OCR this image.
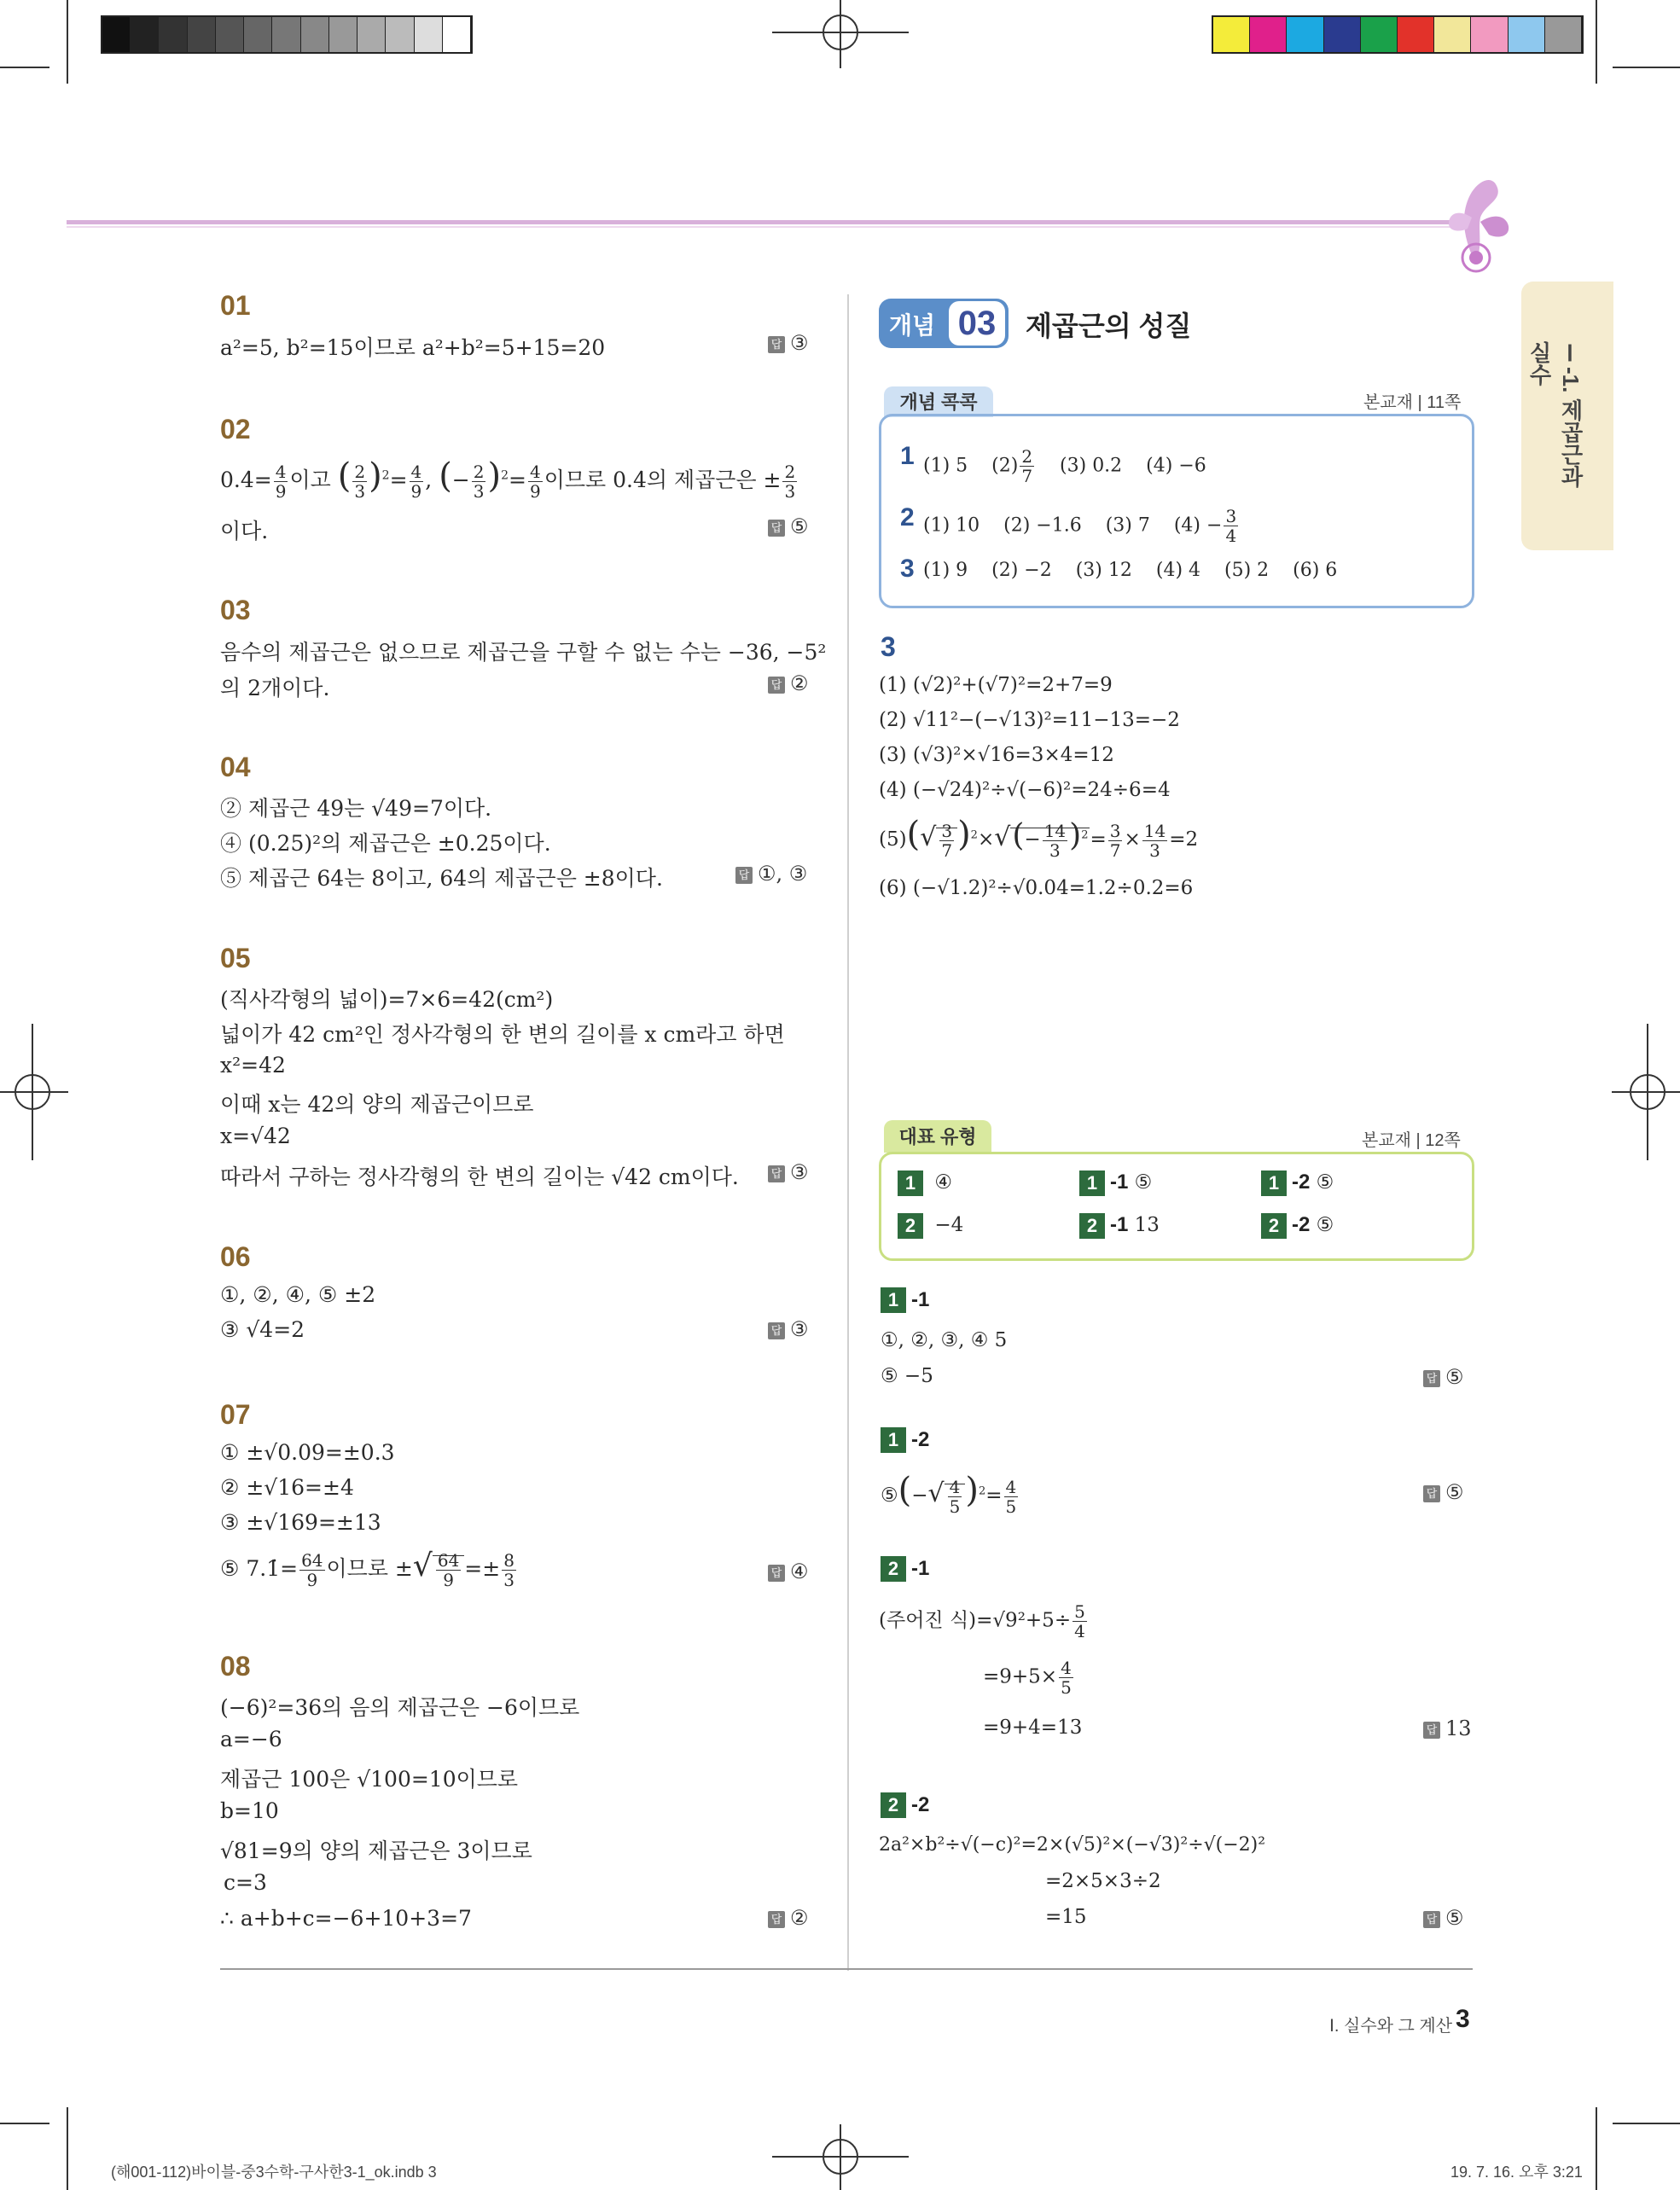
Ⅰ-1. 제곱근과 실수
01
a²=5, b²=15이므로 a²+b²=5+15=20	답 ③
02
0.4̇= $\frac{4}{9}$ 이고 ( $\frac{2}{3} )^2= \frac{4}{9}$ , (− $\frac{2}{3} )^2= \frac{4}{9}$ 이므로 0.4̇의 제곱근은 ± $\frac{2}{3}$
이다.	답 ⑤
03
음수의 제곱근은 없으므로 제곱근을 구할 수 없는 수는 −36, −5²
의 2개이다.	답 ②
04
② 제곱근 49는 √49=7이다.
④ (0.25)²의 제곱근은 ±0.25이다.
⑤ 제곱근 64는 8이고, 64의 제곱근은 ±8이다.	답 ①, ③
05
(직사각형의 넓이)=7×6=42(cm²)
넓이가 42 cm²인 정사각형의 한 변의 길이를 x cm라고 하면
x²=42
이때 x는 42의 양의 제곱근이므로
x=√42
따라서 구하는 정사각형의 한 변의 길이는 √42 cm이다.	답 ③
06
①, ②, ④, ⑤ ±2
③ √4=2	답 ③
07
① ±√0.09=±0.3
② ±√16=±4
③ ±√169=±13
⑤ 7.1̇= $\frac{64}{9}$ 이므로 ±√ $\frac{64}{9} =\pm \frac{8}{3}$	답 ④
08
(−6)²=36의 음의 제곱근은 −6이므로
a=−6
제곱근 100은 √100=10이므로
b=10
√81=9의 양의 제곱근은 3이므로
c=3
∴ a+b+c=−6+10+3=7	답 ②
개념 03	제곱근의 성질
개념 콕콕	본교재 | 11쪽
1 (1) 5 $(2) \frac{2}{7} (3)$ 0.2 (4) −6
2 (1) 10 (2) −1.6 (3) 7 $(4) - \frac{3}{4}$
3 (1) 9 (2) −2 (3) 12 (4) 4 (5) 2 (6) 6
3
(1) (√2)²+(√7)²=2+7=9
(2) √11²−(−√13)²=11−13=−2
(3) (√3)²×√16=3×4=12
(4) (−√24)²÷√(−6)²=24÷6=4
$(5)(√ \frac{3}{7} )^2\times√(- \frac{14}{3} )^2= \frac{3}{7} \times \frac{14}{3} =2$
(6) (−√1.2)²÷√0.04=1.2÷0.2=6
대표 유형	본교재 | 12쪽
1 ④	1 -1 ⑤	1 -2 ⑤
2 −4	2 -1 13	2 -2 ⑤
1 -1
①, ②, ③, ④ 5
⑤ −5	답 ⑤
1 -2
⑤(−√ $\frac{4}{5} )^2= \frac{4}{5}$	답 ⑤
2 -1
(주어진 식)$=√9^2+5\div \frac{5}{4}$
$=9+5\times \frac{4}{5}$
=9+4=13	답 13
2 -2
2a²×b²÷√(−c)²=2×(√5)²×(−√3)²÷√(−2)²
=2×5×3÷2
=15	답 ⑤
Ⅰ. 실수와 그 계산 3
(해001-112)바이블-중3수학-구사한3-1_ok.indb 3	19. 7. 16. 오후 3:21
